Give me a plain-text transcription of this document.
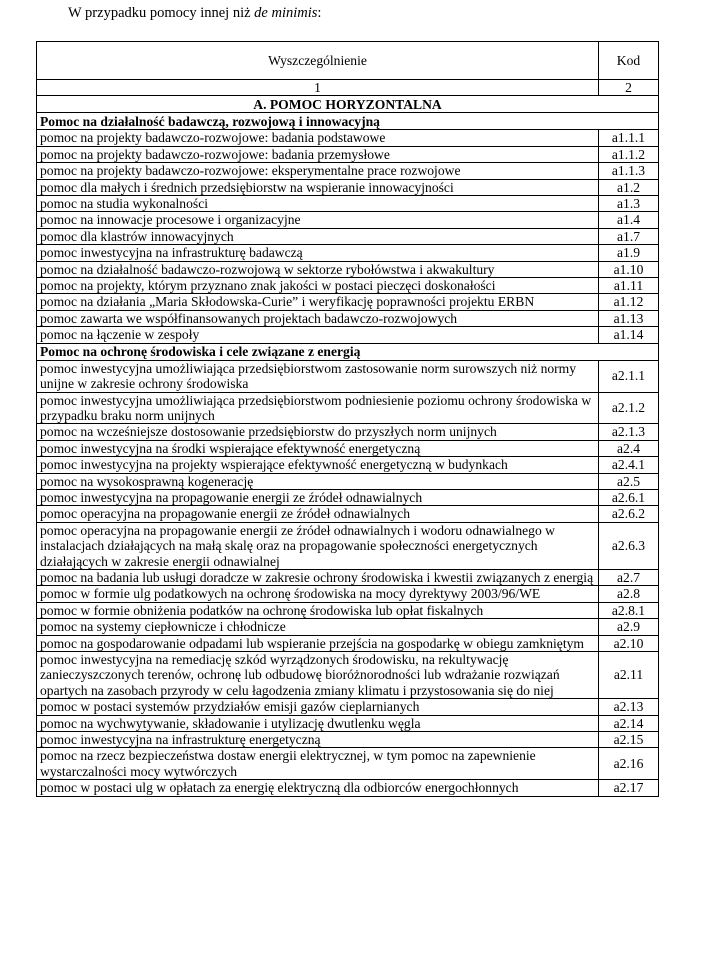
W przypadku pomocy innej niż de minimis:
Wyszczególnienie	Kod
1	2
A. POMOC HORYZONTALNA	
Pomoc na działalność badawczą, rozwojową i innowacyjną	
pomoc na projekty badawczo-rozwojowe: badania podstawowe	a1.1.1
pomoc na projekty badawczo-rozwojowe: badania przemysłowe	a1.1.2
pomoc na projekty badawczo-rozwojowe: eksperymentalne prace rozwojowe	a1.1.3
pomoc dla małych i średnich przedsiębiorstw na wspieranie innowacyjności	a1.2
pomoc na studia wykonalności	a1.3
pomoc na innowacje procesowe i organizacyjne	a1.4
pomoc dla klastrów innowacyjnych	a1.7
pomoc inwestycyjna na infrastrukturę badawczą	a1.9
pomoc na działalność badawczo-rozwojową w sektorze rybołówstwa i akwakultury	a1.10
pomoc na projekty, którym przyznano znak jakości w postaci pieczęci doskonałości	a1.11
pomoc na działania „Maria Skłodowska-Curie” i weryfikację poprawności projektu ERBN	a1.12
pomoc zawarta we współfinansowanych projektach badawczo-rozwojowych	a1.13
pomoc na łączenie w zespoły	a1.14
Pomoc na ochronę środowiska i cele związane z energią	
pomoc inwestycyjna umożliwiająca przedsiębiorstwom zastosowanie norm surowszych niż normy unijne w zakresie ochrony środowiska	a2.1.1
pomoc inwestycyjna umożliwiająca przedsiębiorstwom podniesienie poziomu ochrony środowiska w przypadku braku norm unijnych	a2.1.2
pomoc na wcześniejsze dostosowanie przedsiębiorstw do przyszłych norm unijnych	a2.1.3
pomoc inwestycyjna na środki wspierające efektywność energetyczną	a2.4
pomoc inwestycyjna na projekty wspierające efektywność energetyczną w budynkach	a2.4.1
pomoc na wysokosprawną kogenerację	a2.5
pomoc inwestycyjna na propagowanie energii ze źródeł odnawialnych	a2.6.1
pomoc operacyjna na propagowanie energii ze źródeł odnawialnych	a2.6.2
pomoc operacyjna na propagowanie energii ze źródeł odnawialnych i wodoru odnawialnego w instalacjach działających na małą skalę oraz na propagowanie społeczności energetycznych działających w zakresie energii odnawialnej	a2.6.3
pomoc na badania lub usługi doradcze w zakresie ochrony środowiska i kwestii związanych z energią	a2.7
pomoc w formie ulg podatkowych na ochronę środowiska na mocy dyrektywy 2003/96/WE	a2.8
pomoc w formie obniżenia podatków na ochronę środowiska lub opłat fiskalnych	a2.8.1
pomoc na systemy ciepłownicze i chłodnicze	a2.9
pomoc na gospodarowanie odpadami lub wspieranie przejścia na gospodarkę w obiegu zamkniętym	a2.10
pomoc inwestycyjna na remediację szkód wyrządzonych środowisku, na rekultywację zanieczyszczonych terenów, ochronę lub odbudowę bioróżnorodności lub wdrażanie rozwiązań opartych na zasobach przyrody w celu łagodzenia zmiany klimatu i przystosowania się do niej	a2.11
pomoc w postaci systemów przydziałów emisji gazów cieplarnianych	a2.13
pomoc na wychwytywanie, składowanie i utylizację dwutlenku węgla	a2.14
pomoc inwestycyjna na infrastrukturę energetyczną	a2.15
pomoc na rzecz bezpieczeństwa dostaw energii elektrycznej, w tym pomoc na zapewnienie wystarczalności mocy wytwórczych	a2.16
pomoc w postaci ulg w opłatach za energię elektryczną dla odbiorców energochłonnych	a2.17
